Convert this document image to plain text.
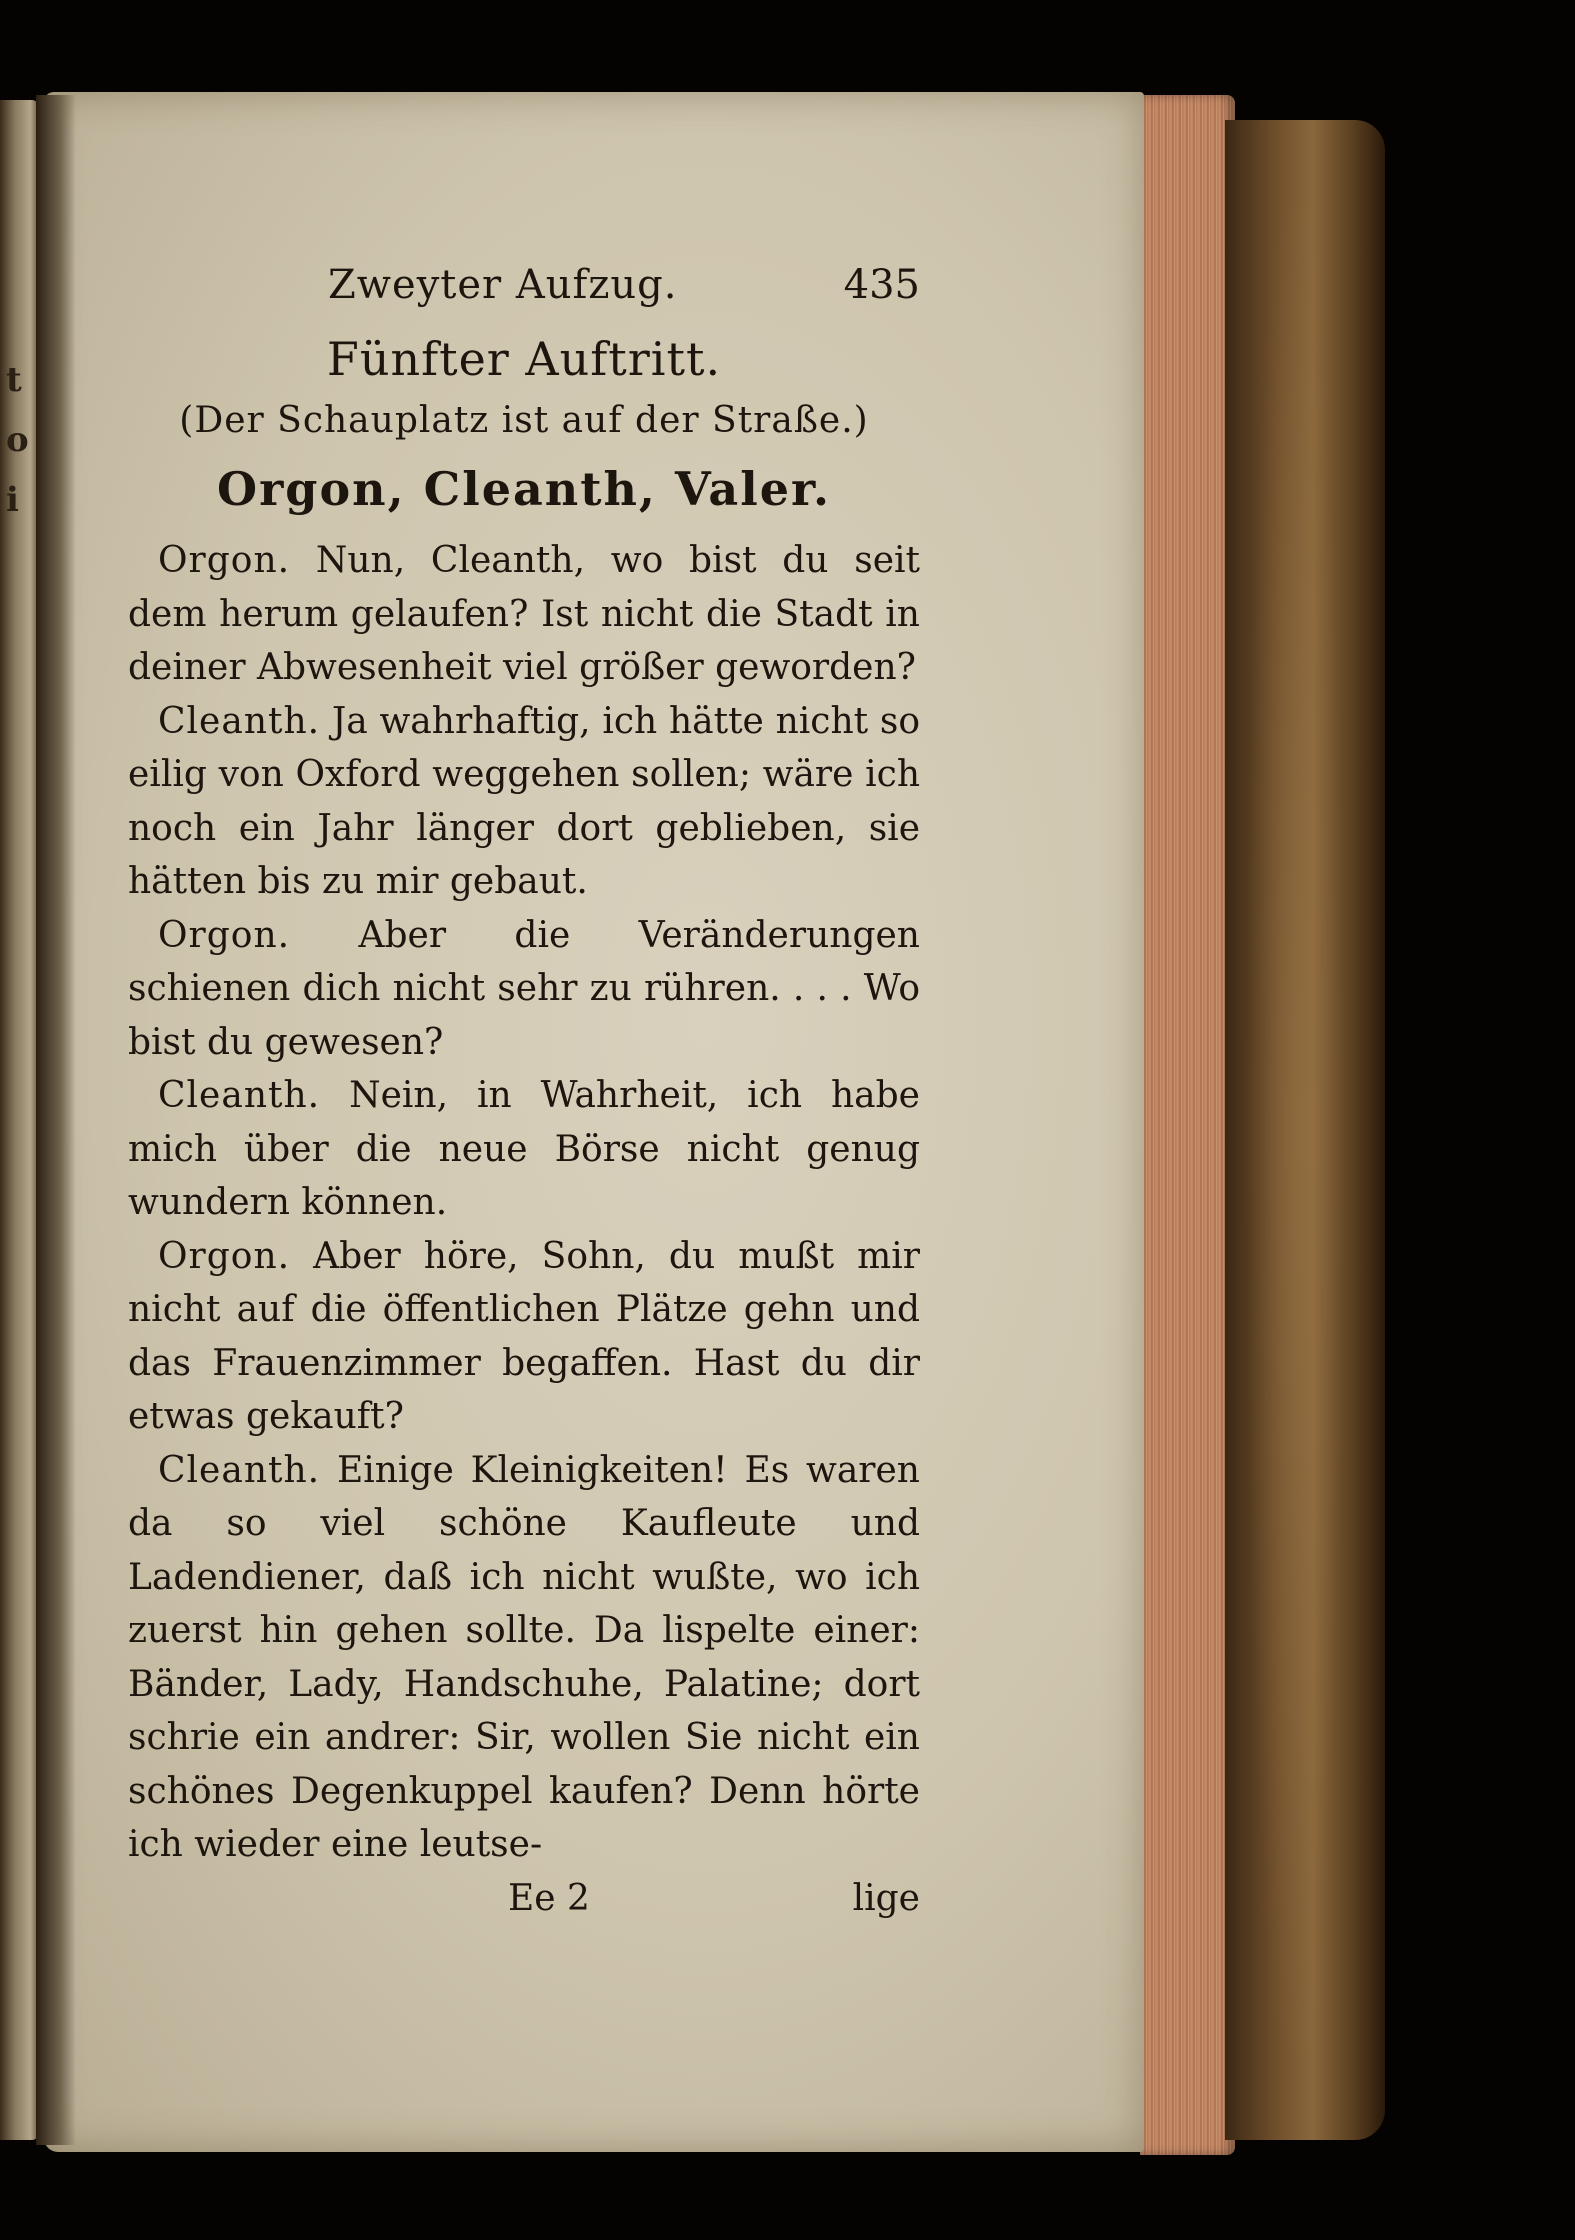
t
o
i
Zweyter Aufzug.	435
Fünfter Auftritt.
(Der Schauplatz ist auf der Straße.)
Orgon, Cleanth, Valer.

Orgon. Nun, Cleanth, wo bist du seit dem herum gelaufen? Ist nicht die Stadt in deiner Abwesenheit viel größer geworden?

Cleanth. Ja wahrhaftig, ich hätte nicht so eilig von Oxford weggehen sollen; wäre ich noch ein Jahr länger dort geblieben, sie hätten bis zu mir gebaut.

Orgon. Aber die Veränderungen schienen dich nicht sehr zu rühren. . . . Wo bist du gewesen?

Cleanth. Nein, in Wahrheit, ich habe mich über die neue Börse nicht genug wundern können.

Orgon. Aber höre, Sohn, du mußt mir nicht auf die öffentlichen Plätze gehn und das Frauenzimmer begaffen. Hast du dir etwas gekauft?

Cleanth. Einige Kleinigkeiten! Es waren da so viel schöne Kaufleute und Ladendiener, daß ich nicht wußte, wo ich zuerst hin gehen sollte. Da lispelte einer: Bänder, Lady, Handschuhe, Palatine; dort schrie ein andrer: Sir, wollen Sie nicht ein schönes Degenkuppel kaufen? Denn hörte ich wieder eine leutse-

Ee 2	lige
